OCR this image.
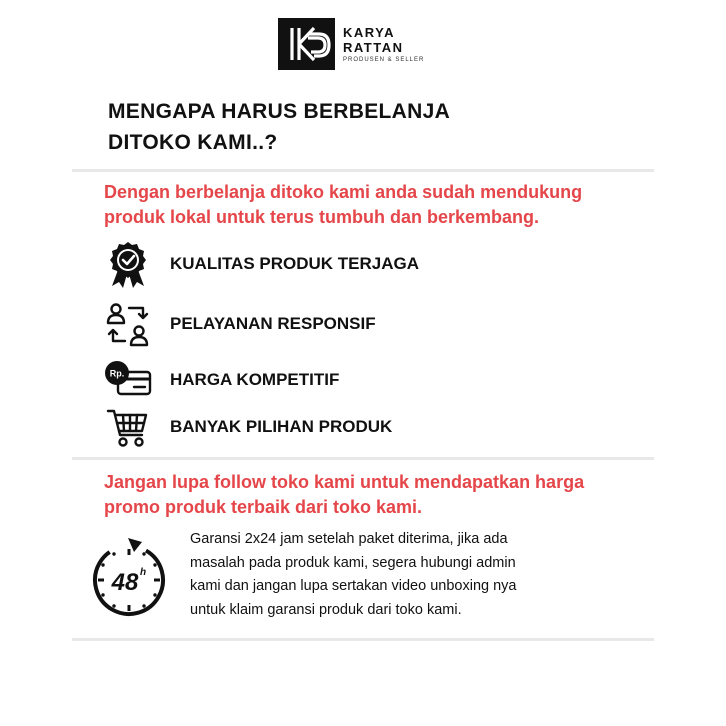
KARYA
RATTAN
PRODUSEN & SELLER
MENGAPA HARUS BERBELANJA
DITOKO KAMI..?

Dengan berbelanja ditoko kami anda sudah mendukung
produk lokal untuk terus tumbuh dan berkembang.

KUALITAS PRODUK TERJAGA
PELAYANAN RESPONSIF
Rp.	HARGA KOMPETITIF
BANYAK PILIHAN PRODUK

Jangan lupa follow toko kami untuk mendapatkan harga
promo produk terbaik dari toko kami.

48 h

Garansi 2x24 jam setelah paket diterima, jika ada
masalah pada produk kami, segera hubungi admin
kami dan jangan lupa sertakan video unboxing nya
untuk klaim garansi produk dari toko kami.
